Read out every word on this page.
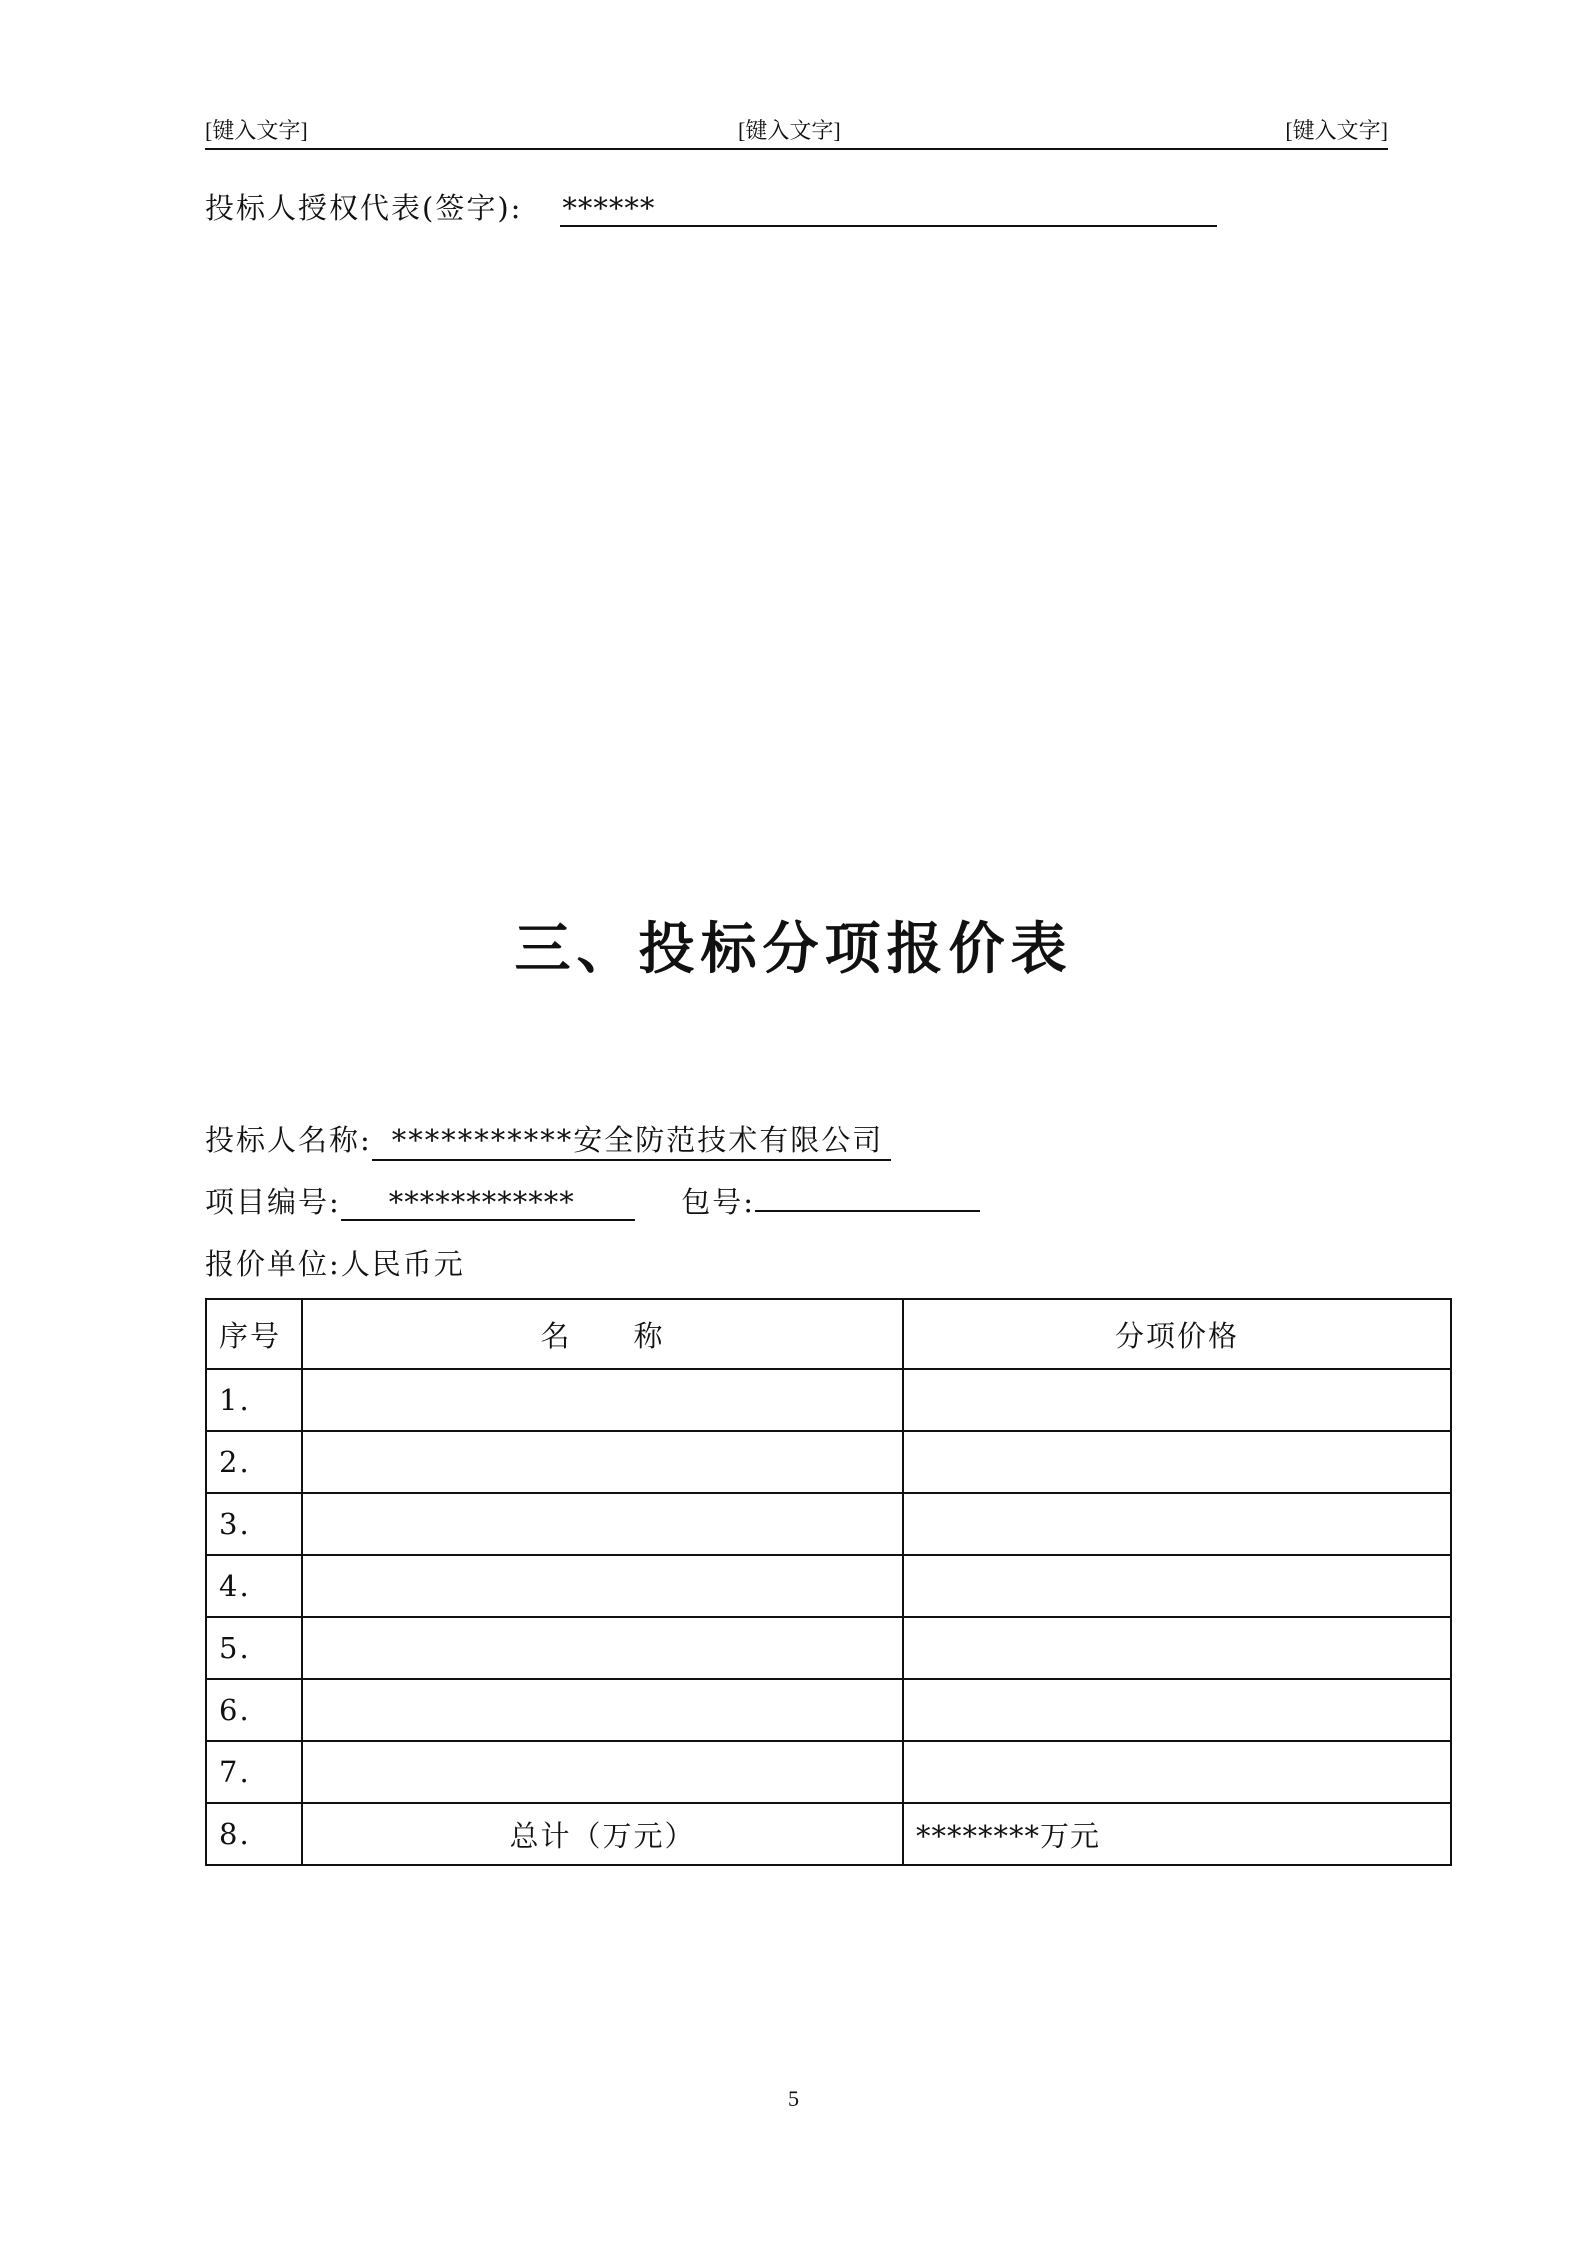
[键入文字]	[键入文字]	[键入文字]
投标人授权代表(签字): ******
三、投标分项报价表
投标人名称: ***********安全防范技术有限公司
项目编号: ************	包号:
报价单位:人民币元
序号	名　　称	分项价格
1.		
2.		
3.		
4.		
5.		
6.		
7.		
8.	总计（万元）	********万元
5
